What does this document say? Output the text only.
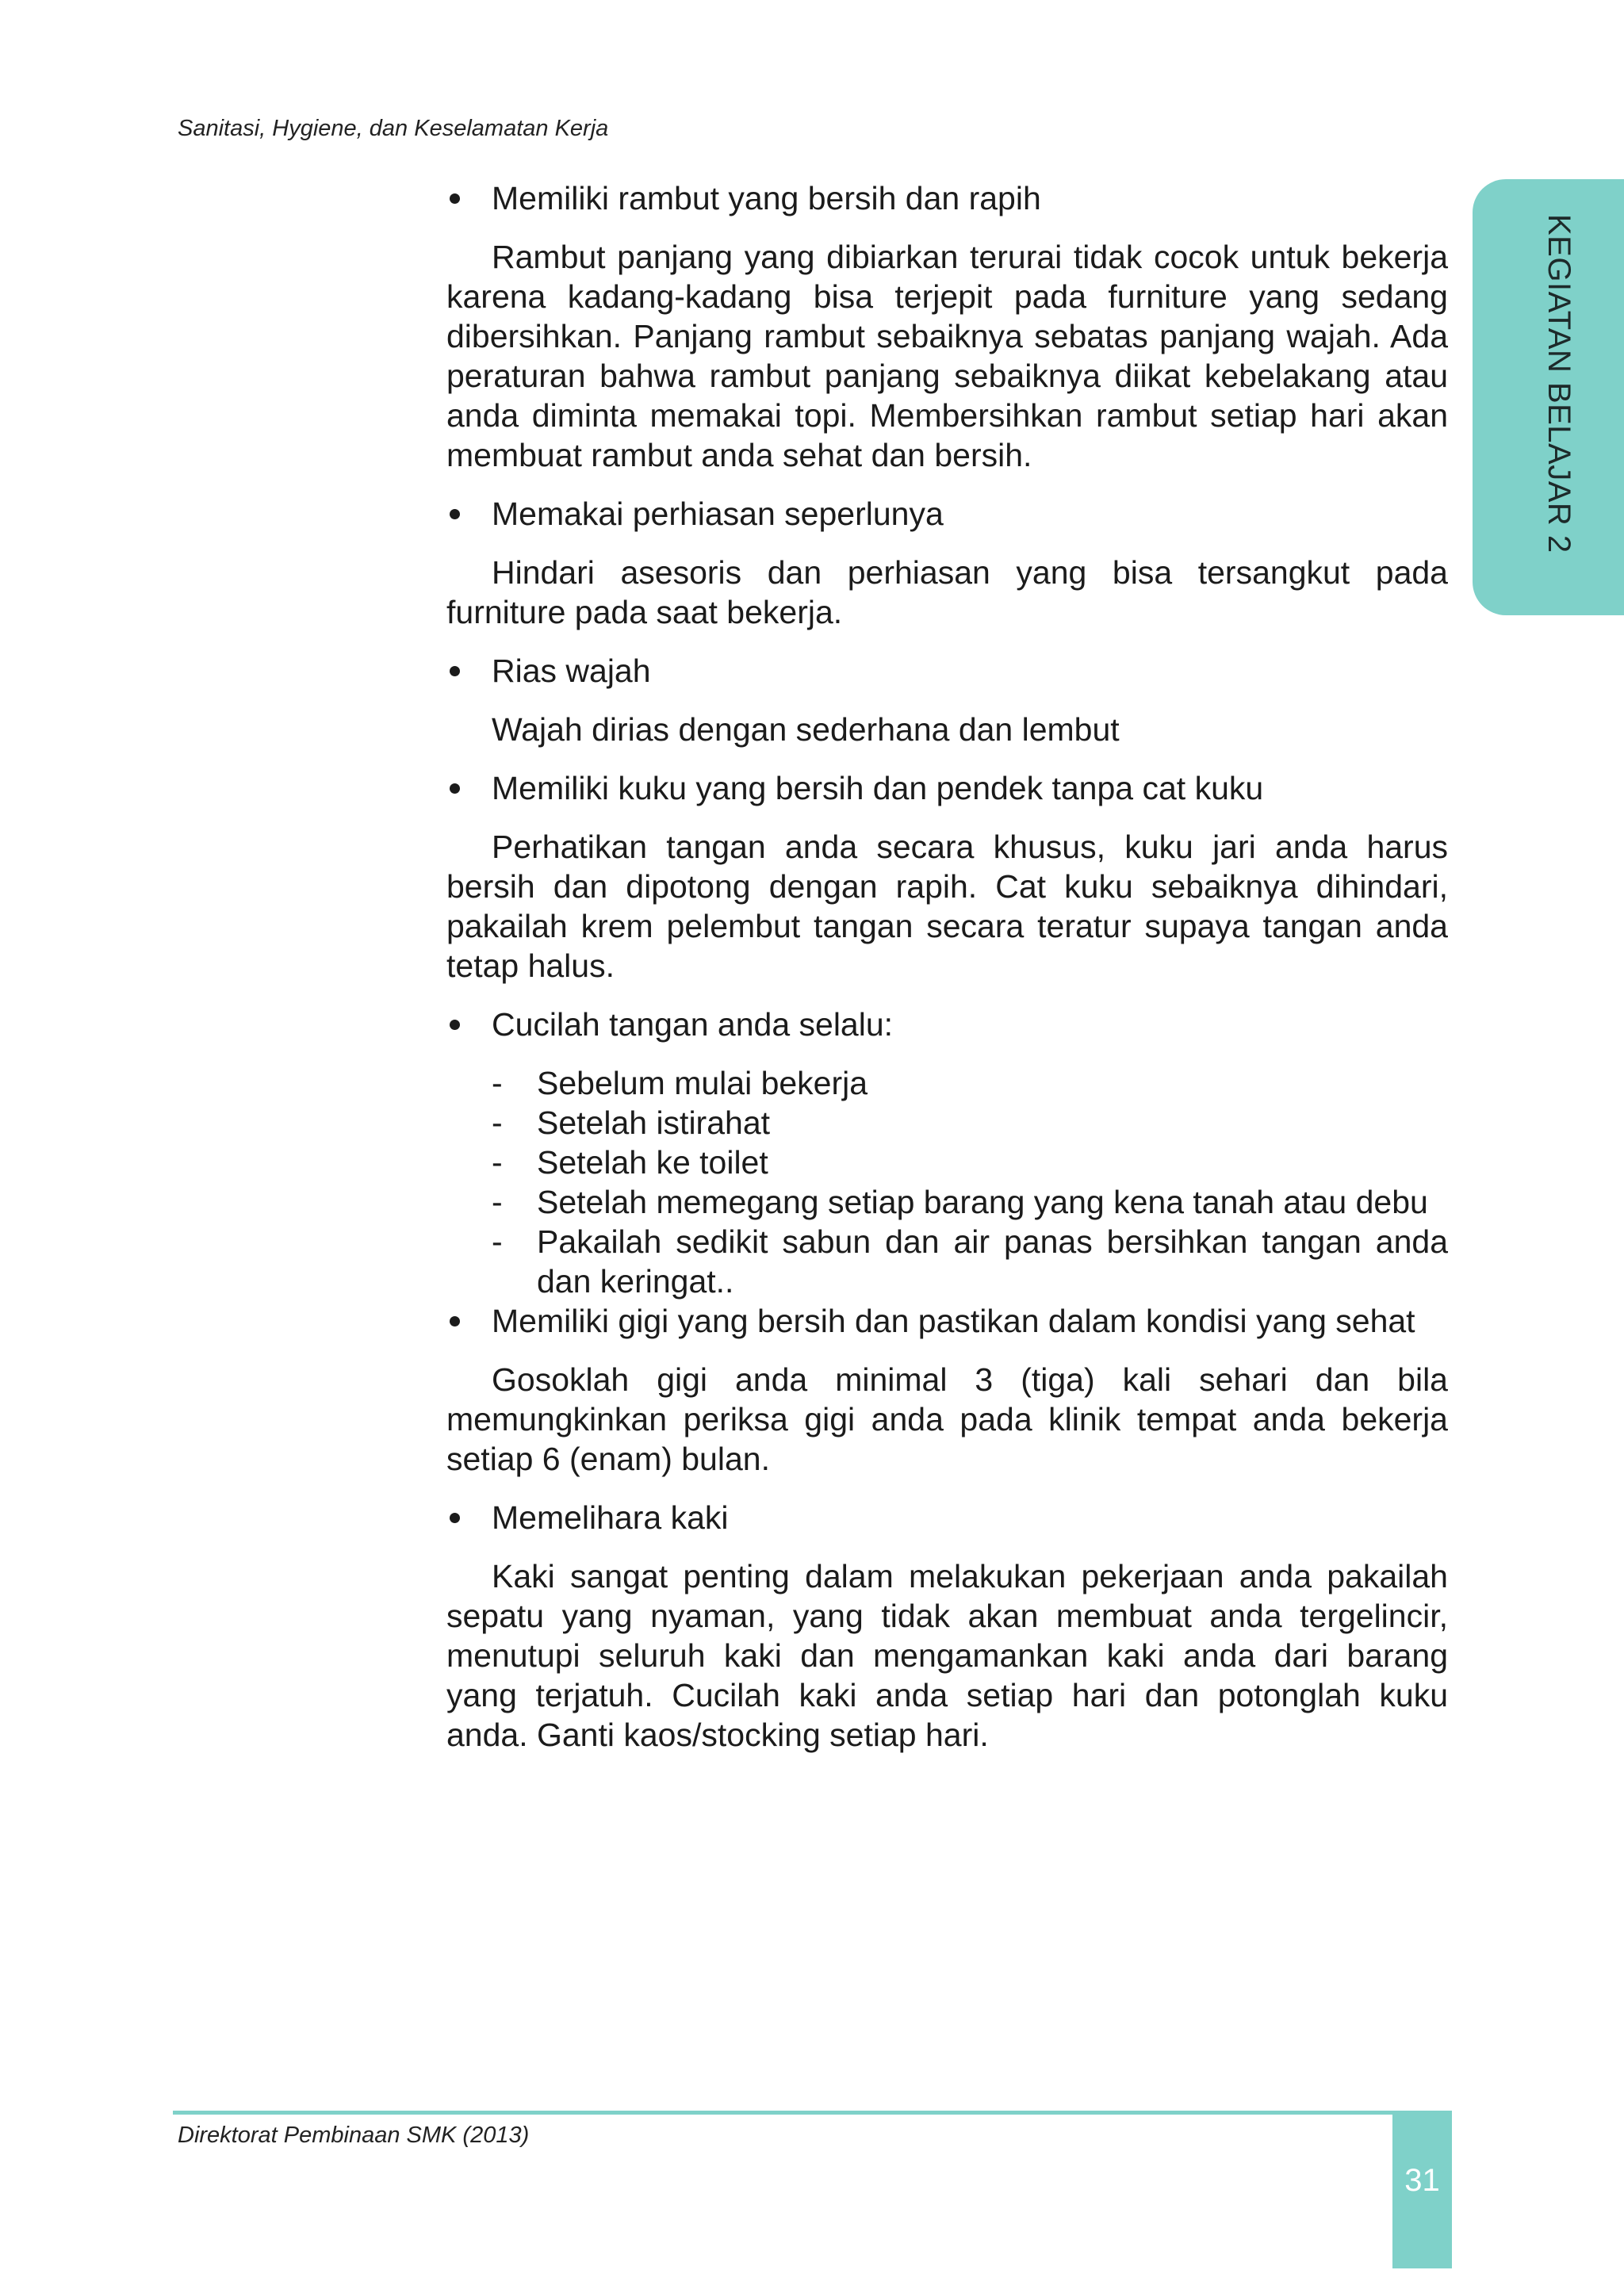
Sanitasi, Hygiene, dan Keselamatan Kerja
KEGIATAN BELAJAR 2
Memiliki rambut yang bersih dan rapih

Rambut panjang yang dibiarkan terurai tidak cocok untuk bekerja karena kadang-kadang bisa terjepit pada furniture yang sedang dibersihkan. Panjang rambut sebaiknya sebatas panjang wajah. Ada peraturan bahwa rambut panjang sebaiknya diikat kebelakang atau anda diminta memakai topi. Membersihkan rambut setiap hari akan membuat rambut anda sehat dan bersih.

Memakai perhiasan seperlunya

Hindari asesoris dan perhiasan yang bisa tersangkut pada furniture pada saat bekerja.

Rias wajah

Wajah dirias dengan sederhana dan lembut

Memiliki kuku yang bersih dan pendek tanpa cat kuku

Perhatikan tangan anda secara khusus, kuku jari anda harus bersih dan dipotong dengan rapih. Cat kuku sebaiknya dihindari, pakailah krem pelembut tangan secara teratur supaya tangan anda tetap halus.

Cucilah tangan anda selalu:
- Sebelum mulai bekerja
- Setelah istirahat
- Setelah ke toilet
- Setelah memegang setiap barang yang kena tanah atau debu
- Pakailah sedikit sabun dan air panas bersihkan tangan anda dan keringat..
Memiliki gigi yang bersih dan pastikan dalam kondisi yang sehat

Gosoklah gigi anda minimal 3 (tiga) kali sehari dan bila memungkinkan periksa gigi anda pada klinik tempat anda bekerja setiap 6 (enam) bulan.

Memelihara kaki

Kaki sangat penting dalam melakukan pekerjaan anda pakailah sepatu yang nyaman, yang tidak akan membuat anda tergelincir, menutupi seluruh kaki dan mengamankan kaki anda dari barang yang terjatuh. Cucilah kaki anda setiap hari dan potonglah kuku anda. Ganti kaos/stocking setiap hari.

Direktorat Pembinaan SMK (2013)
31
